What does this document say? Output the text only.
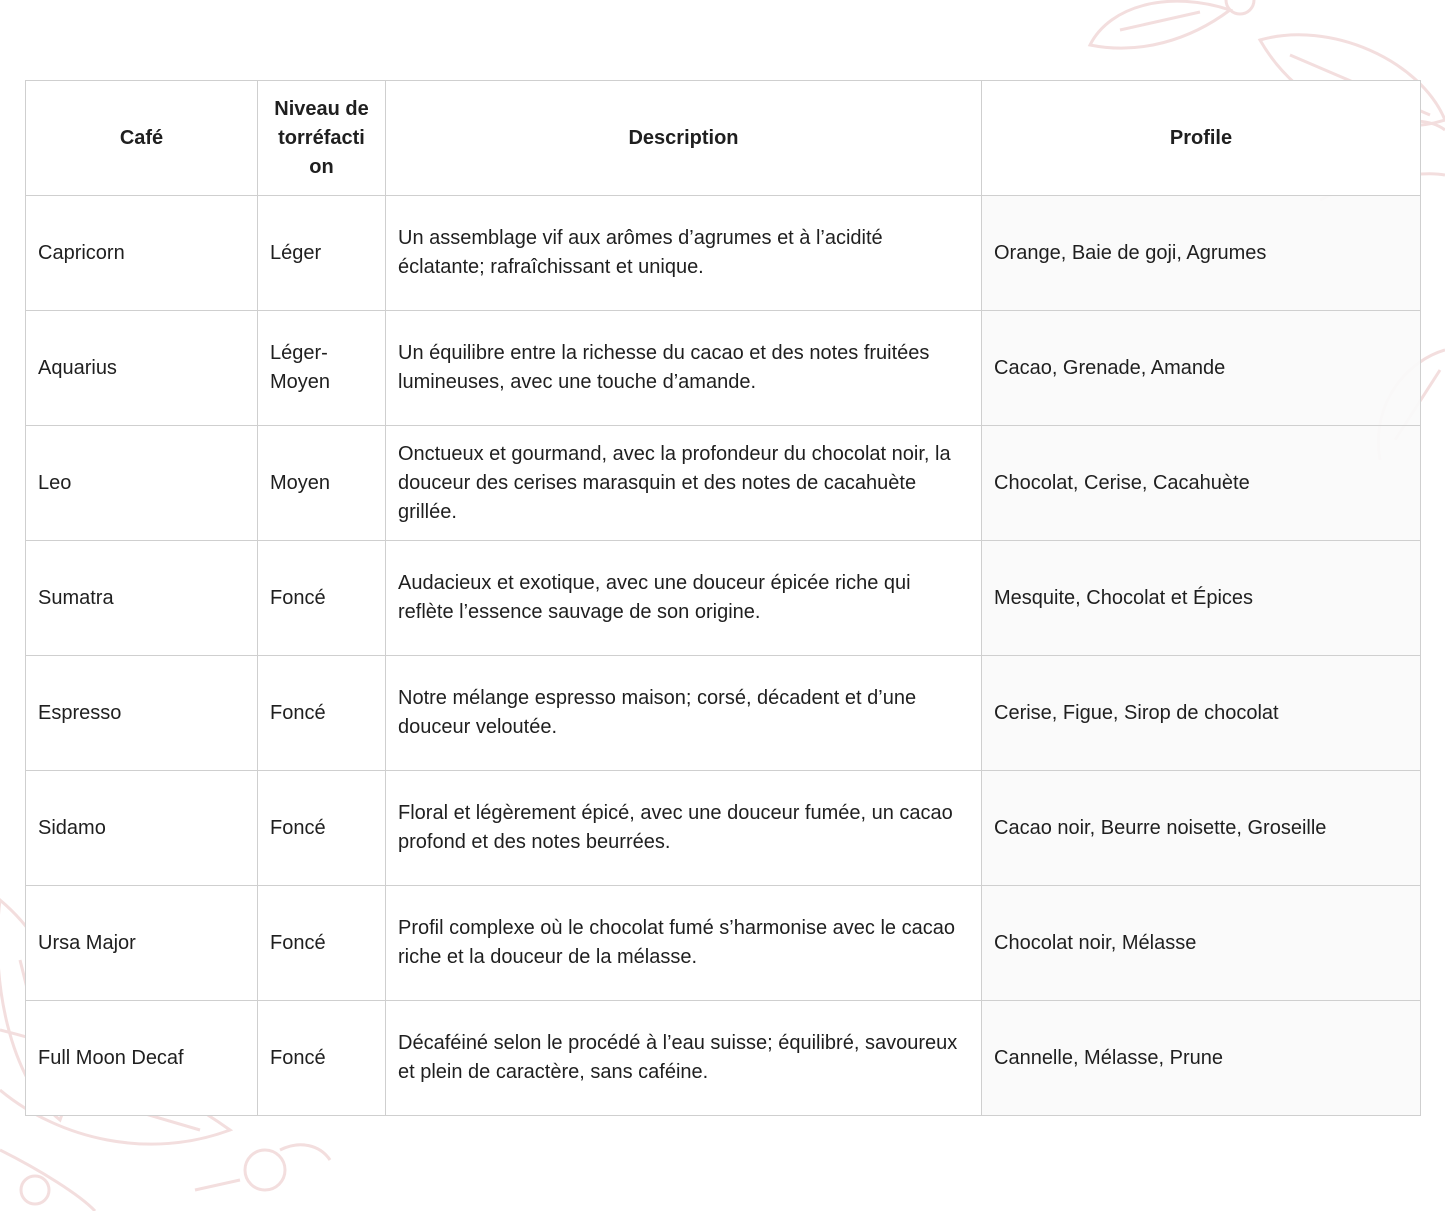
Café	Niveau de torréfacti on	Description	Profile
Capricorn	Léger	Un assemblage vif aux arômes d’agrumes et à l’acidité éclatante; rafraîchissant et unique.	Orange, Baie de goji, Agrumes
Aquarius	Léger-Moyen	Un équilibre entre la richesse du cacao et des notes fruitées lumineuses, avec une touche d’amande.	Cacao, Grenade, Amande
Leo	Moyen	Onctueux et gourmand, avec la profondeur du chocolat noir, la douceur des cerises marasquin et des notes de cacahuète grillée.	Chocolat, Cerise, Cacahuète
Sumatra	Foncé	Audacieux et exotique, avec une douceur épicée riche qui reflète l’essence sauvage de son origine.	Mesquite, Chocolat et Épices
Espresso	Foncé	Notre mélange espresso maison; corsé, décadent et d’une douceur veloutée.	Cerise, Figue, Sirop de chocolat
Sidamo	Foncé	Floral et légèrement épicé, avec une douceur fumée, un cacao profond et des notes beurrées.	Cacao noir, Beurre noisette, Groseille
Ursa Major	Foncé	Profil complexe où le chocolat fumé s’harmonise avec le cacao riche et la douceur de la mélasse.	Chocolat noir, Mélasse
Full Moon Decaf	Foncé	Décaféiné selon le procédé à l’eau suisse; équilibré, savoureux et plein de caractère, sans caféine.	Cannelle, Mélasse, Prune
